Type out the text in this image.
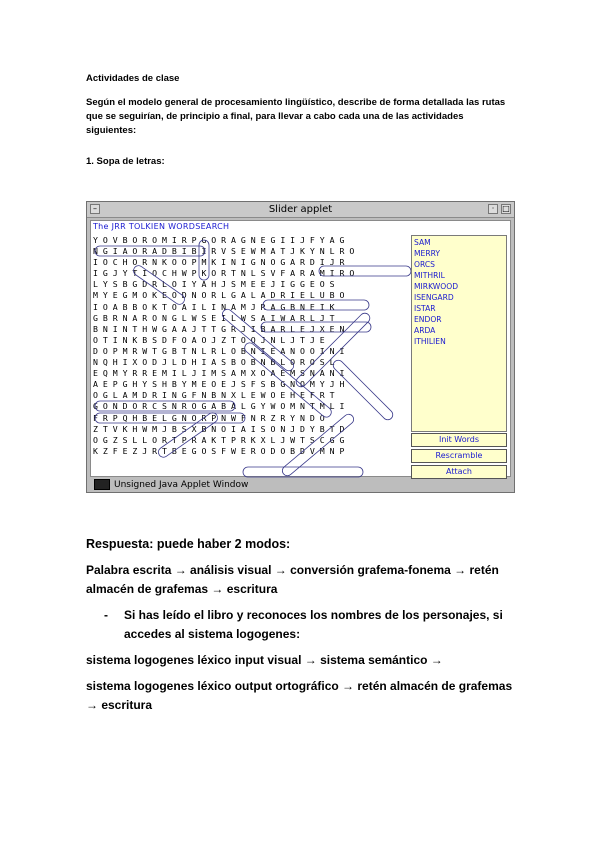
Actividades de clase
Según el modelo general de procesamiento lingüístico, describe de forma detallada las rutas que se seguirían, de principio a final, para llevar a cabo cada una de las actividades siguientes:
1. Sopa de letras:
–	Slider applet	· □
The JRR TOLKIEN WORDSEARCH
Y O V B O R O M I R P G O R A G N E G I I J F Y A G
N G I A O R A D B I B I R V S E W M A T J K Y N L R O
I O C H O R N K O O P M K I N I G N O G A R D I J R
I G J Y T I O C H W P K O R T N L S V F A R A M I R O
L Y S B G D R L O I Y A H J S M E E J I G G E O S
M Y E G M O K E O D N O R L G A L A D R I E L U B O
I O A B B O K T O A I L I N A M J R A G B N E I K
G B R N A R O N G L W S E I L W S A I W A R L J T
B N I N T H W G A A J T T G R J I B A R L E J X E N
O T I N K B S D F O A O J Z T O Q J N L J T J E
D O P M R W T G B T N L R L O B N I E A N O O I N I
N Q H I X O D J L D H I A S B O B N B L O R O S L
E Q M Y R R E M I L J I M S A M X O A E M S N A N I
A E P G H Y S H B Y M E O E J S F S B G N O M Y J H
O G L A M D R I N G F N B N X L E W O E H E F R T
G O N D O R C S N R O G A B A L G Y W O M N T M L I
F R P Q H B E L G N O R P N W F N R Z R Y N D O
Z T V K H W M J B S X B N O I A I S O N J D Y B T D
O G Z S L L O R T P R A K T P R K X L J W T S C G G
K Z F E Z J R T B E G O S F W E R O D O B D V M N P
SAM
MERRY
ORCS
MITHRIL
MIRKWOOD
ISENGARD
ISTAR
ENDOR
ARDA
ITHILIEN
Init Words
Rescramble
Attach
Unsigned Java Applet Window
Respuesta: puede haber 2 modos:
Palabra escrita → análisis visual → conversión grafema-fonema → retén almacén de grafemas → escritura
- Si has leído el libro y reconoces los nombres de los personajes, si accedes al sistema logogenes:
sistema logogenes léxico input visual → sistema semántico →
sistema logogenes léxico output ortográfico → retén almacén de grafemas → escritura
